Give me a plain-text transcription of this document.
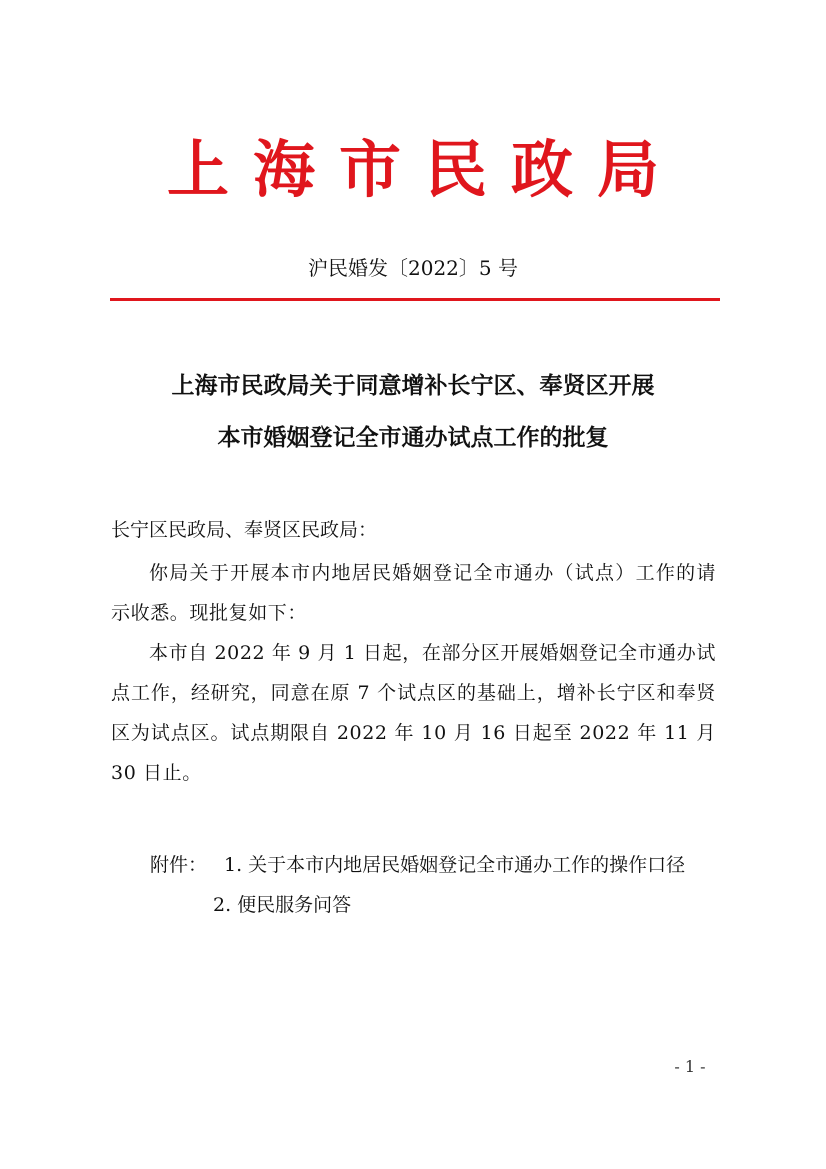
上海市民政局
沪民婚发〔2022〕5 号
上海市民政局关于同意增补长宁区、奉贤区开展
本市婚姻登记全市通办试点工作的批复
长宁区民政局、奉贤区民政局：
你局关于开展本市内地居民婚姻登记全市通办（试点）工作的请示收悉。现批复如下：
本市自 2022 年 9 月 1 日起，在部分区开展婚姻登记全市通办试点工作，经研究，同意在原 7 个试点区的基础上，增补长宁区和奉贤区为试点区。试点期限自 2022 年 10 月 16 日起至 2022 年 11 月 30 日止。
附件： 1. 关于本市内地居民婚姻登记全市通办工作的操作口径
2. 便民服务问答
- 1 -
